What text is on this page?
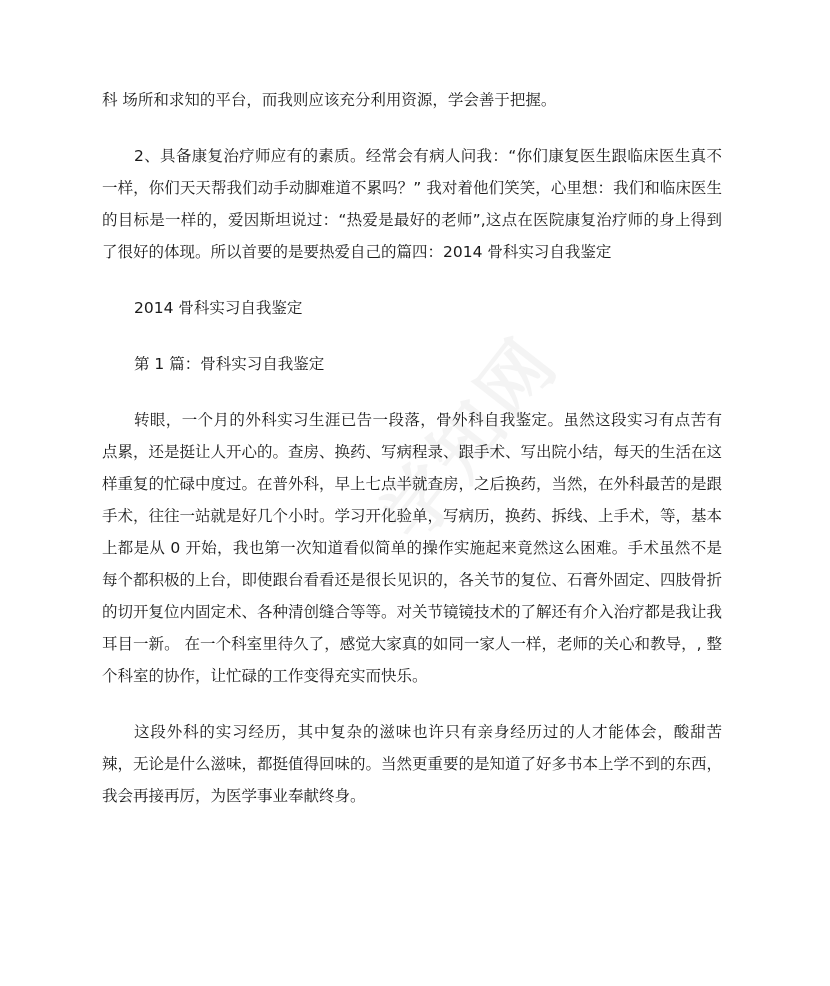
科 场所和求知的平台，而我则应该充分利用资源，学会善于把握。

2、具备康复治疗师应有的素质。经常会有病人问我：“你们康复医生跟临床医生真不一样，你们天天帮我们动手动脚难道不累吗？” 我对着他们笑笑，心里想：我们和临床医生的目标是一样的，爱因斯坦说过：“热爱是最好的老师”,这点在医院康复治疗师的身上得到了很好的体现。所以首要的是要热爱自己的篇四：2014 骨科实习自我鉴定

2014 骨科实习自我鉴定

第 1 篇：骨科实习自我鉴定

转眼，一个月的外科实习生涯已告一段落，骨外科自我鉴定。虽然这段实习有点苦有点累，还是挺让人开心的。查房、换药、写病程录、跟手术、写出院小结，每天的生活在这样重复的忙碌中度过。在普外科，早上七点半就查房，之后换药，当然，在外科最苦的是跟手术，往往一站就是好几个小时。学习开化验单，写病历，换药、拆线、上手术，等，基本上都是从 0 开始，我也第一次知道看似简单的操作实施起来竟然这么困难。手术虽然不是每个都积极的上台，即使跟台看看还是很长见识的，各关节的复位、石膏外固定、四肢骨折的切开复位内固定术、各种清创缝合等等。对关节镜镜技术的了解还有介入治疗都是我让我耳目一新。 在一个科室里待久了，感觉大家真的如同一家人一样，老师的关心和教导，, 整个科室的协作，让忙碌的工作变得充实而快乐。

这段外科的实习经历，其中复杂的滋味也许只有亲身经历过的人才能体会，酸甜苦辣，无论是什么滋味，都挺值得回味的。当然更重要的是知道了好多书本上学不到的东西，我会再接再厉，为医学事业奉献终身。
